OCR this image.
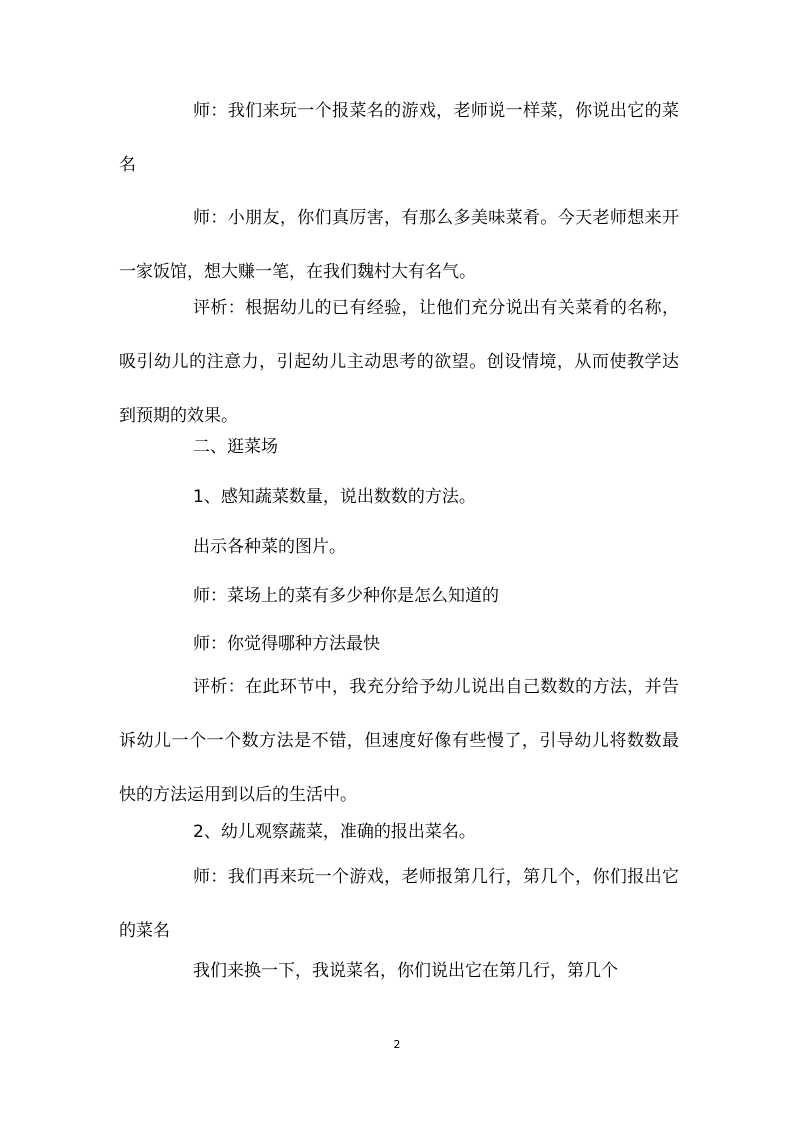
师：我们来玩一个报菜名的游戏，老师说一样菜，你说出它的菜名

师：小朋友，你们真厉害，有那么多美味菜肴。今天老师想来开一家饭馆，想大赚一笔，在我们魏村大有名气。

评析：根据幼儿的已有经验，让他们充分说出有关菜肴的名称，吸引幼儿的注意力，引起幼儿主动思考的欲望。创设情境，从而使教学达到预期的效果。

二、逛菜场

1、感知蔬菜数量，说出数数的方法。

出示各种菜的图片。

师：菜场上的菜有多少种你是怎么知道的

师：你觉得哪种方法最快

评析：在此环节中，我充分给予幼儿说出自己数数的方法，并告诉幼儿一个一个数方法是不错，但速度好像有些慢了，引导幼儿将数数最快的方法运用到以后的生活中。

2、幼儿观察蔬菜，准确的报出菜名。

师：我们再来玩一个游戏，老师报第几行，第几个，你们报出它的菜名

我们来换一下，我说菜名，你们说出它在第几行，第几个

2
